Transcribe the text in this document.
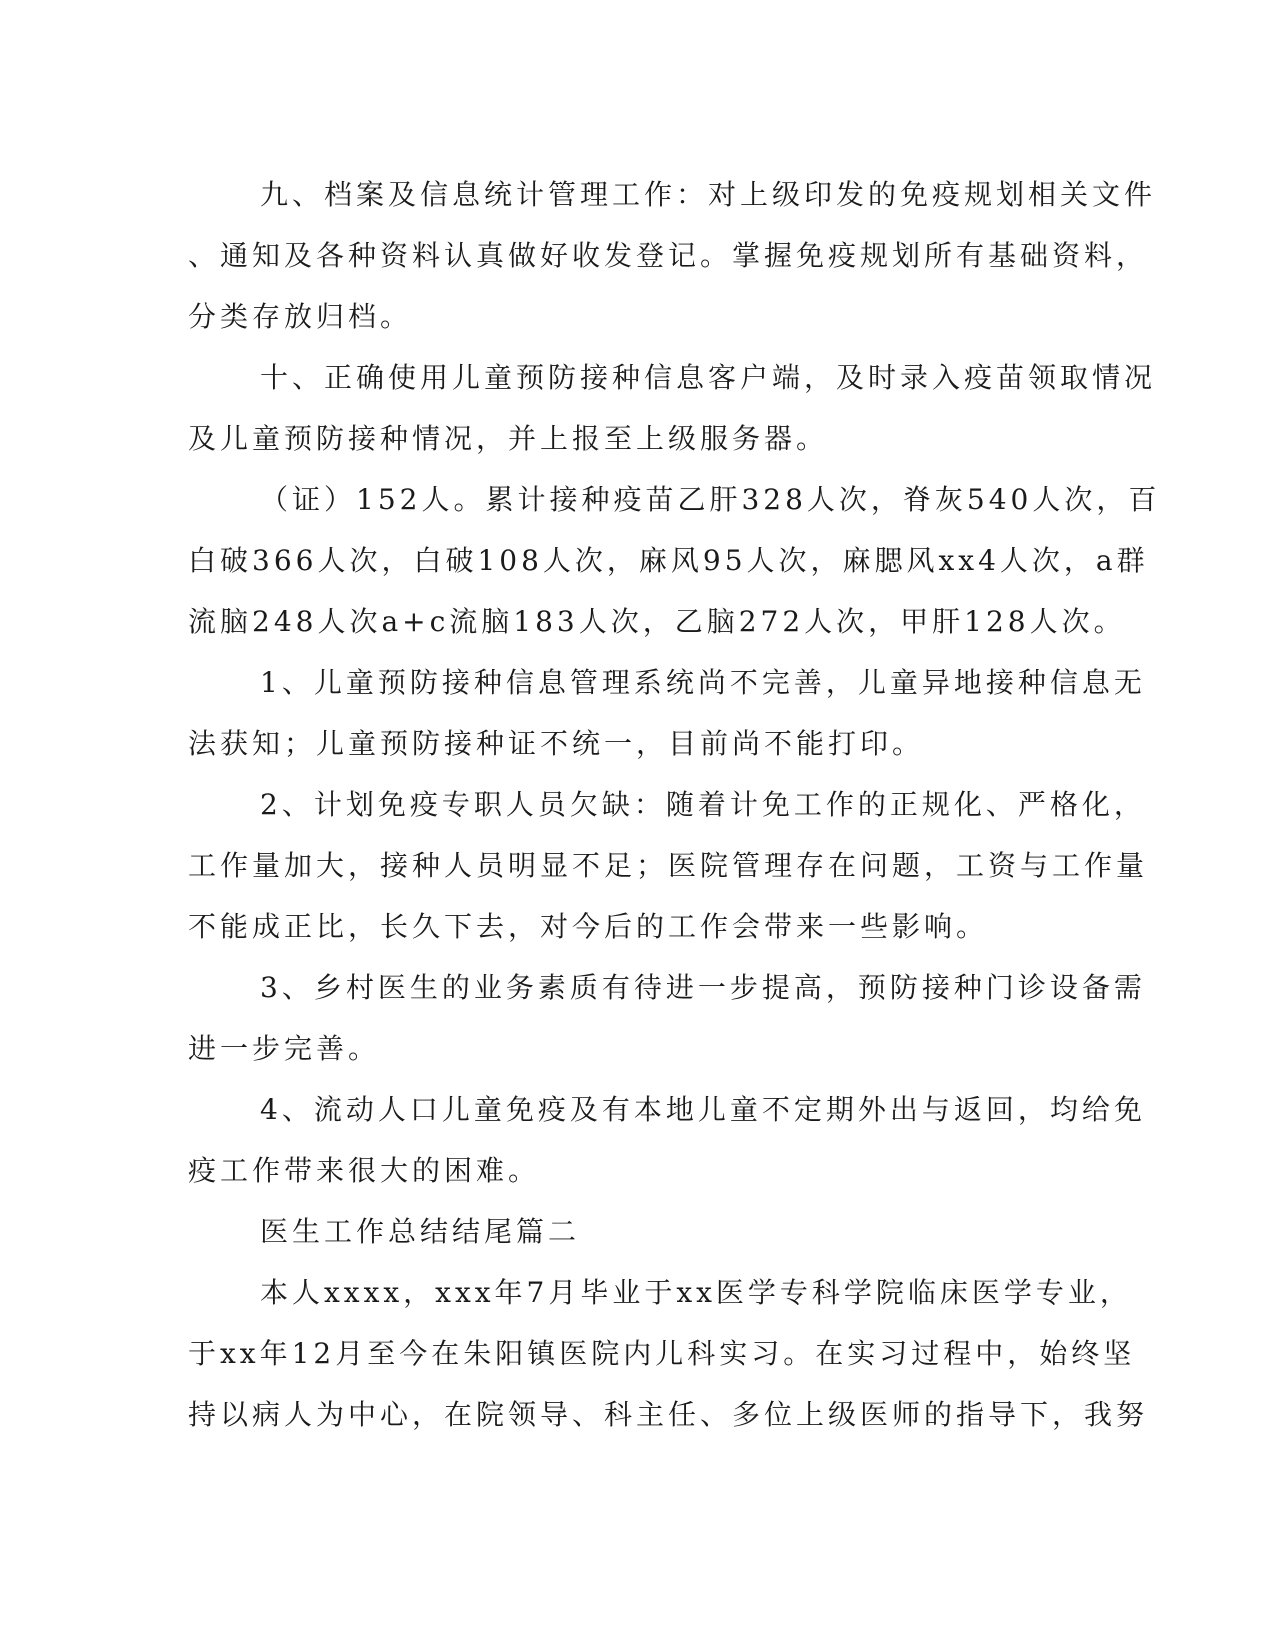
九、档案及信息统计管理工作：对上级印发的免疫规划相关文件
、通知及各种资料认真做好收发登记。掌握免疫规划所有基础资料，
分类存放归档。
十、正确使用儿童预防接种信息客户端，及时录入疫苗领取情况
及儿童预防接种情况，并上报至上级服务器。
（证）152人。累计接种疫苗乙肝328人次，脊灰540人次，百
白破366人次，白破108人次，麻风95人次，麻腮风xx4人次，a群
流脑248人次a+c流脑183人次，乙脑272人次，甲肝128人次。
1、儿童预防接种信息管理系统尚不完善，儿童异地接种信息无
法获知；儿童预防接种证不统一，目前尚不能打印。
2、计划免疫专职人员欠缺：随着计免工作的正规化、严格化，
工作量加大，接种人员明显不足；医院管理存在问题，工资与工作量
不能成正比，长久下去，对今后的工作会带来一些影响。
3、乡村医生的业务素质有待进一步提高，预防接种门诊设备需
进一步完善。
4、流动人口儿童免疫及有本地儿童不定期外出与返回，均给免
疫工作带来很大的困难。
医生工作总结结尾篇二
本人xxxx，xxx年7月毕业于xx医学专科学院临床医学专业，
于xx年12月至今在朱阳镇医院内儿科实习。在实习过程中，始终坚
持以病人为中心，在院领导、科主任、多位上级医师的指导下，我努
